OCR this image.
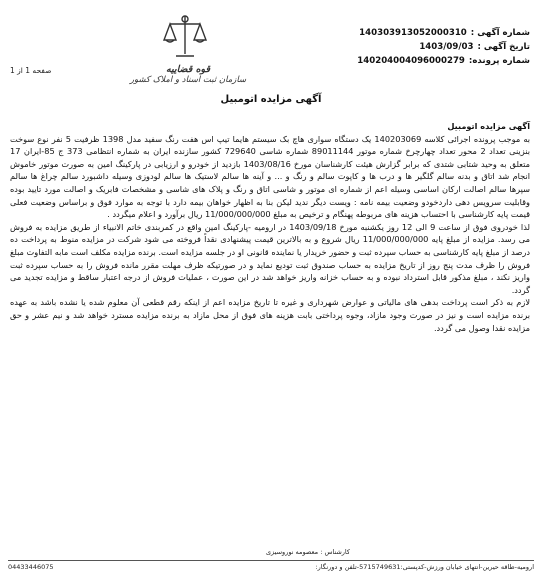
شماره آگهی :
140303913052000310
تاریخ آگهی :
1403/09/03
شماره پرونده:
140204004096000279
قوه قضاییه
سازمان ثبت اسناد و املاک کشور
صفحه 1 از 1
آگهی مزایده اتومبیل

آگهی مزایده اتومبیل

به موجب پرونده اجرائی کلاسه 140203069 یک دستگاه سواری هاچ بک سیستم هایما تیپ اس هفت رنگ سفید مدل 1398 ظرفیت 5 نفر نوع سوخت بنزینی تعداد 2 محور تعداد چهارچرخ شماره موتور 89011144 شماره شاسی 729640 کشور سازنده ایران به شماره انتظامی 373 ج 85-ایران 17 متعلق به وحید شتابی شتدی که برابر گزارش هیئت کارشناسان مورخ 1403/08/16 بازدید از خودرو و ارزیابی در پارکینگ امین به صورت موتور خاموش انجام شد اتاق و بدنه سالم گلگیر ها و درب ها و کاپوت سالم و رنگ و ... و آینه ها سالم لاستیک ها سالم لودوزی وسیله داشبورد سالم چراغ ها سالم سپرها سالم اصالت ارکان اساسی وسیله اعم از شماره ای موتور و شاسی اتاق و رنگ و پلاک های شاسی و مشخصات فابریک و اصالت مورد تایید بوده وقابلیت سرویس دهی داردخودو وضعیت بیمه نامه : ویست دیگر ندید لیکن بنا به اظهار خواهان بیمه دارد با توجه به موارد فوق و براساس وضعیت فعلی قیمت پایه کارشناسی با احتساب هزینه های مربوطه پهنگام و ترخیص به مبلغ 11/000/000/000 ریال برآورد و اعلام میگردد .

لذا خودروی فوق از ساعت 9 الی 12 روز یکشنبه مورخ 1403/09/18 در ارومیه -پارکینگ امین واقع در کمربندی خاتم الانبیاء از طریق مزایده به فروش می رسد. مزایده از مبلغ پایه 11/000/000/000 ریال شروع و به بالاترین قیمت پیشنهادی نقداً فروخته می شود شرکت در مزایده منوط به پرداخت ده درصد از مبلغ پایه کارشناسی به حساب سپرده ثبت و حضور خریدار یا نماینده قانونی او در جلسه مزایده است. برنده مزایده مکلف است مابه التفاوت مبلغ فروش را ظرف مدت پنج روز از تاریخ مزایده به حساب صندوق ثبت تودیع نماید و در صورتیکه ظرف مهلت مقرر مانده فروش را به حساب سپرده ثبت واریز نکند ، مبلغ مذکور قابل استرداد نبوده و به حساب خزانه واریز خواهد شد در این صورت ، عملیات فروش از درجه اعتبار ساقط و مزایده تجدید می گردد.

لازم به ذکر است پرداخت بدهی های مالیاتی و عوارض شهرداری و غیره تا تاریخ مزایده اعم از اینکه رقم قطعی آن معلوم شده یا نشده باشد به عهده برنده مزایده است و نیز در صورت وجود مازاد، وجوه پرداختی بابت هزینه های فوق از محل مازاد به برنده مزایده مسترد خواهد شد و نیم عشر و حق مزایده نقدا وصول می گردد.

کارشناس : معصومه نوروسیزی
ارومیه-طاقه حیرین-انتهای خیابان ورزش-کدپستی:5715749631-تلفن و دورنگار:
04433446075
